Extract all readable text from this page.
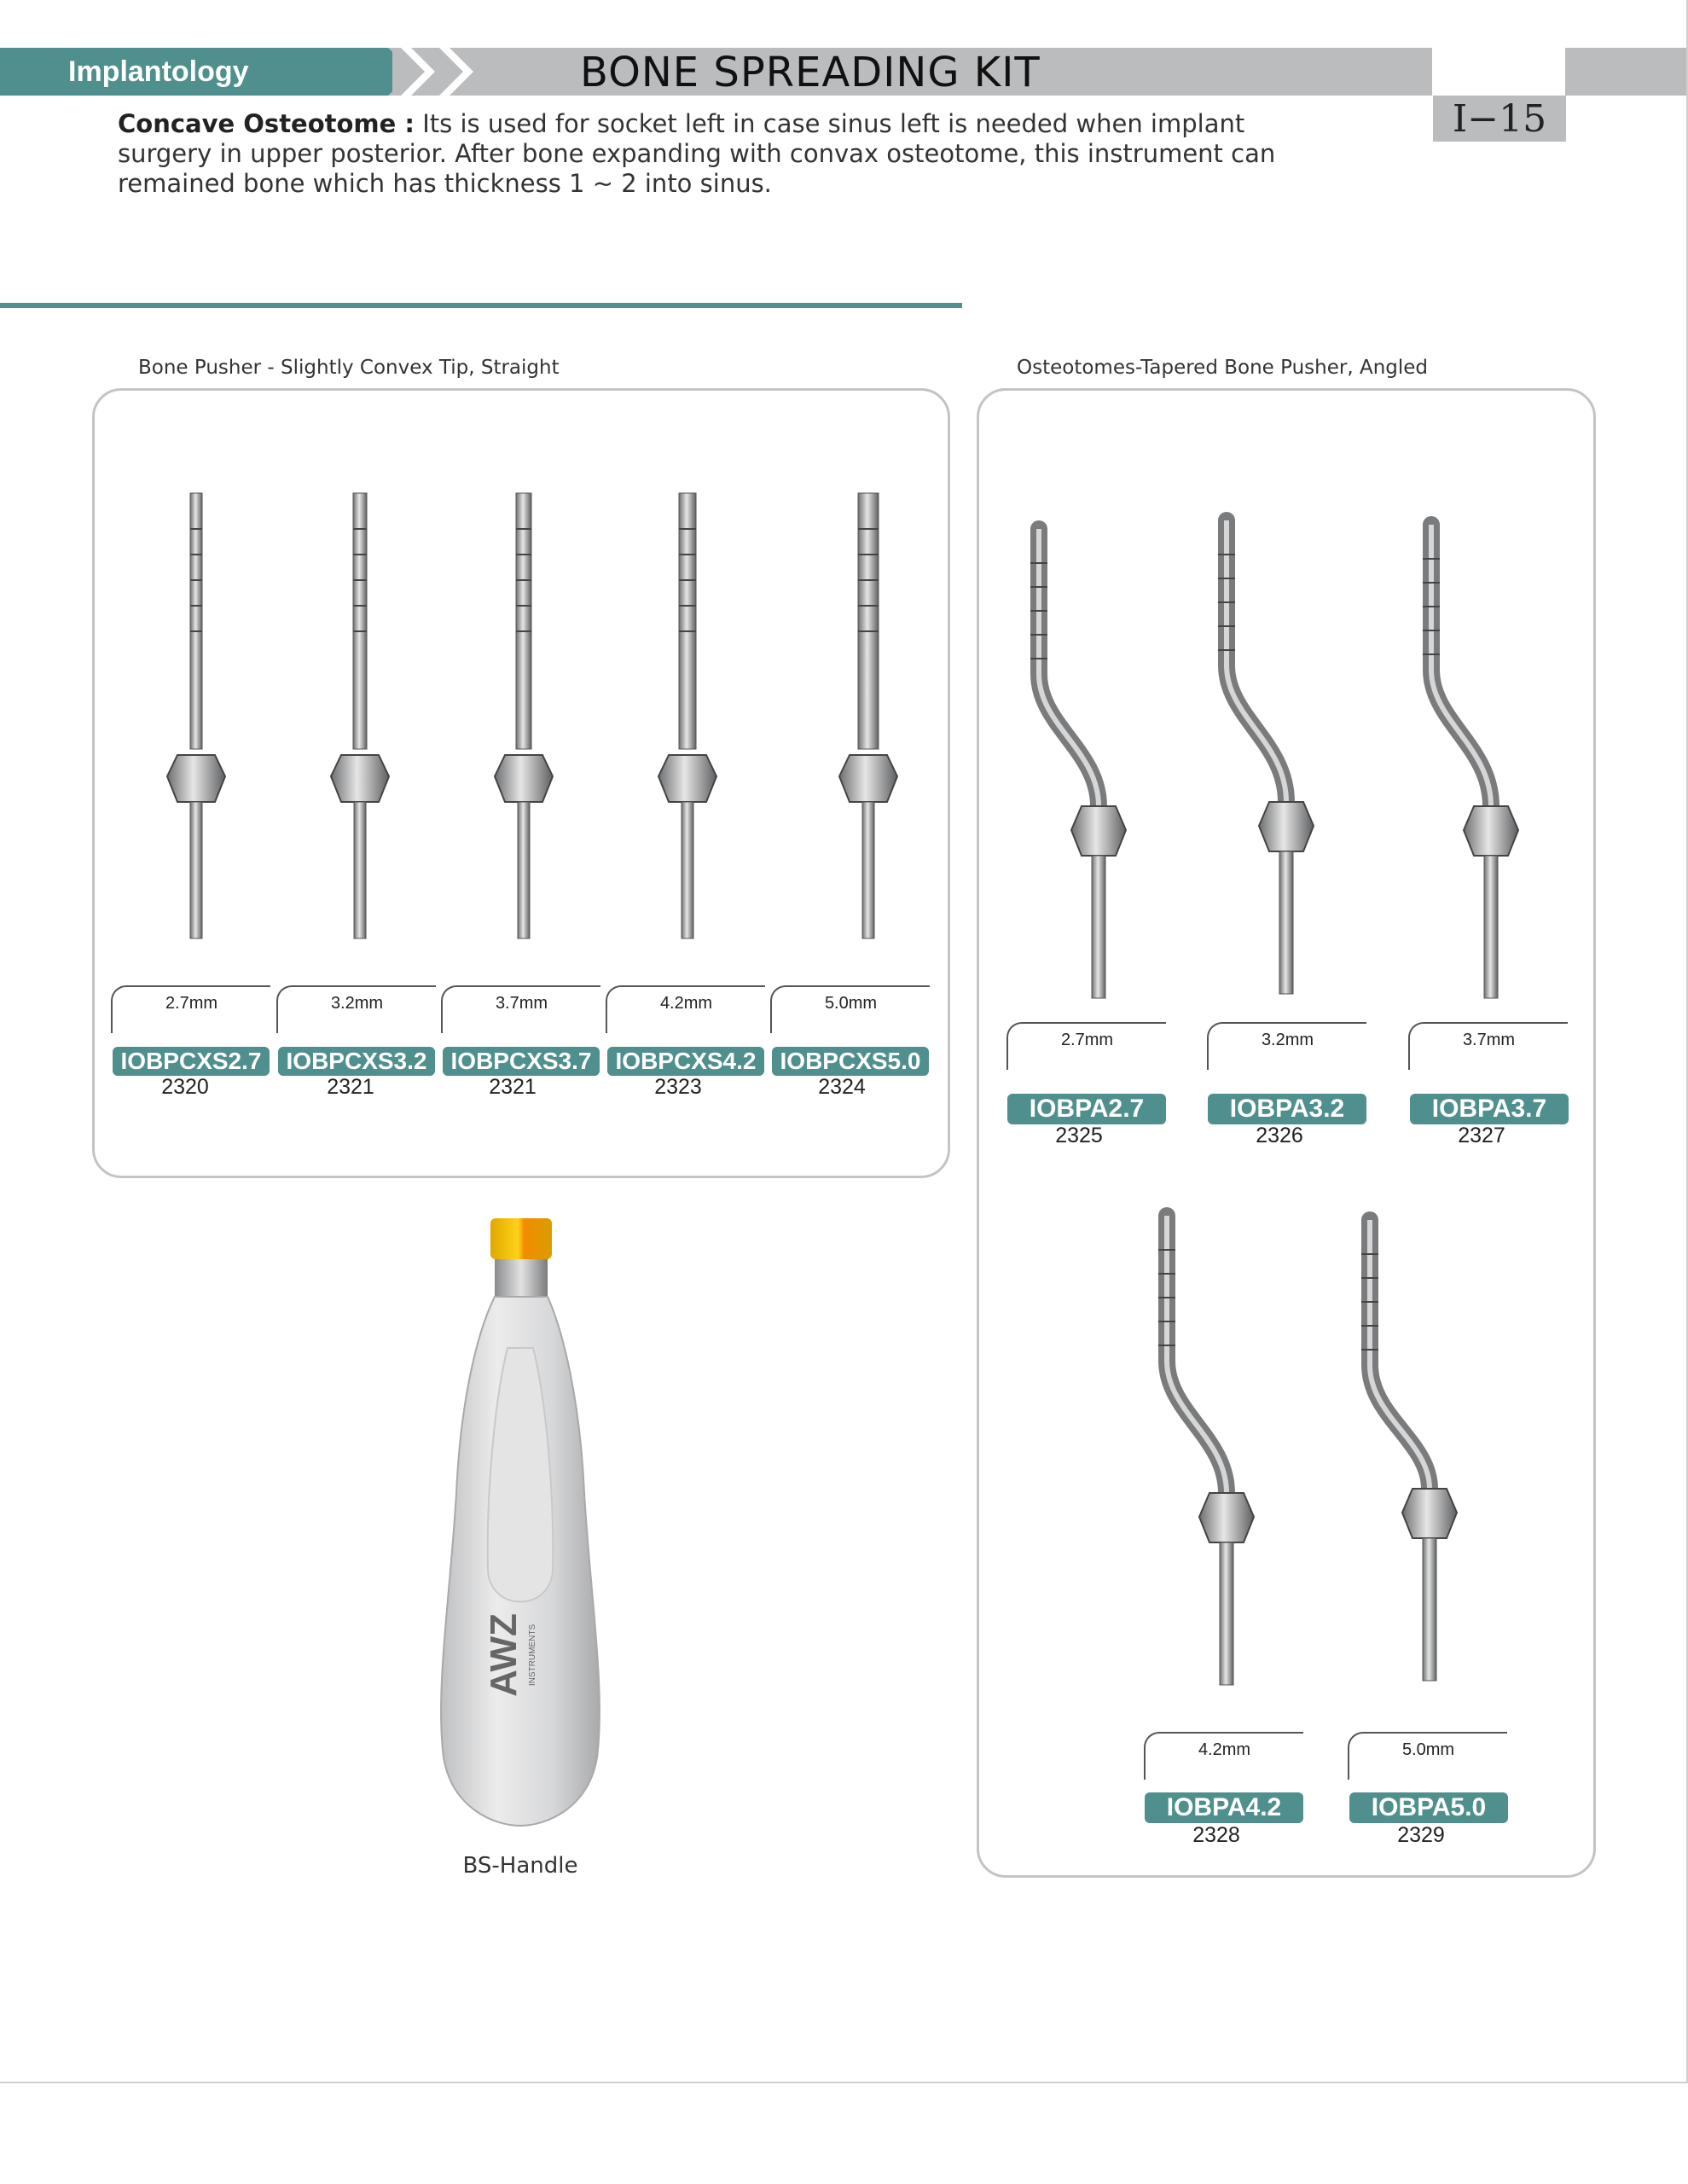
Implantology	BONE SPREADING KIT
I−15
Concave Osteotome : Its is used for socket left in case sinus left is needed when implant surgery in upper posterior. After bone expanding with convax osteotome, this instrument can remained bone which has thickness 1 ~ 2 into sinus.
Bone Pusher - Slightly Convex Tip, Straight
2.7mm	3.2mm	3.7mm	4.2mm	5.0mm
IOBPCXS2.7	IOBPCXS3.2	IOBPCXS3.7	IOBPCXS4.2	IOBPCXS5.0
2320	2321	2321	2323	2324
Osteotomes-Tapered Bone Pusher, Angled
2.7mm	3.2mm	3.7mm
4.2mm	5.0mm
IOBPA2.7	IOBPA3.2	IOBPA3.7
IOBPA4.2	IOBPA5.0
2325	2326	2327
2328	2329
AWZ INSTRUMENTS
BS-Handle
